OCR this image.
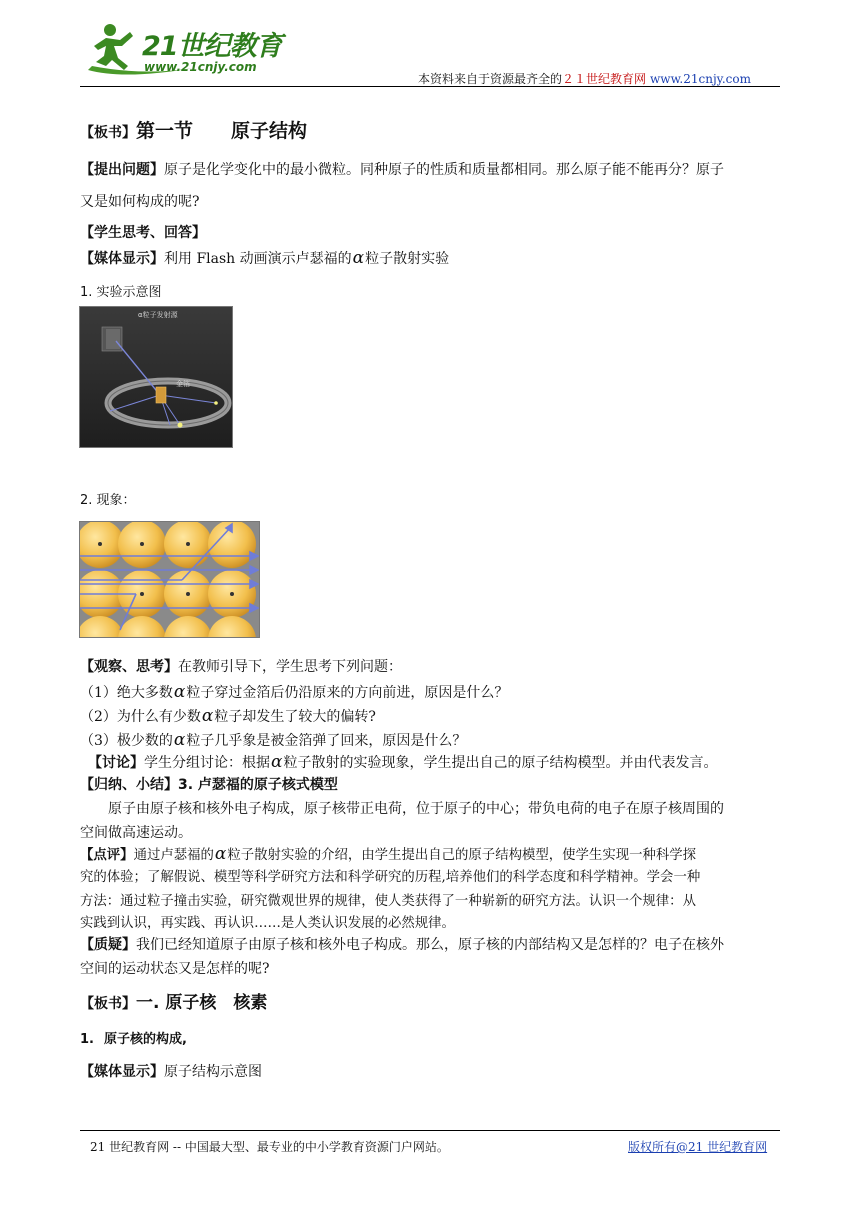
21世纪教育
www.21cnjy.com
本资料来自于资源最齐全的２１世纪教育网 www.21cnjy.com
【板书】第一节　　原子结构
【提出问题】原子是化学变化中的最小微粒。同种原子的性质和质量都相同。那么原子能不能再分？原子
又是如何构成的呢?
【学生思考、回答】
【媒体显示】利用 Flash 动画演示卢瑟福的α粒子散射实验
1. 实验示意图
α粒子发射源
金箔
2. 现象：
【观察、思考】在教师引导下，学生思考下列问题：
（1）绝大多数α粒子穿过金箔后仍沿原来的方向前进，原因是什么？
（2）为什么有少数α粒子却发生了较大的偏转?
（3）极少数的α粒子几乎象是被金箔弹了回来，原因是什么？
【讨论】学生分组讨论：根据α粒子散射的实验现象，学生提出自己的原子结构模型。并由代表发言。
【归纳、小结】3. 卢瑟福的原子核式模型
原子由原子核和核外电子构成，原子核带正电荷，位于原子的中心；带负电荷的电子在原子核周围的
空间做高速运动。
【点评】通过卢瑟福的α粒子散射实验的介绍，由学生提出自己的原子结构模型，使学生实现一种科学探
究的体验；了解假说、模型等科学研究方法和科学研究的历程,培养他们的科学态度和科学精神。学会一种
方法：通过粒子撞击实验，研究微观世界的规律，使人类获得了一种崭新的研究方法。认识一个规律：从
实践到认识，再实践、再认识……是人类认识发展的必然规律。
【质疑】我们已经知道原子由原子核和核外电子构成。那么，原子核的内部结构又是怎样的？电子在核外
空间的运动状态又是怎样的呢?
【板书】一. 原子核　核素
1. 原子核的构成,
【媒体显示】原子结构示意图
21 世纪教育网 -- 中国最大型、最专业的中小学教育资源门户网站。	版权所有@21 世纪教育网
